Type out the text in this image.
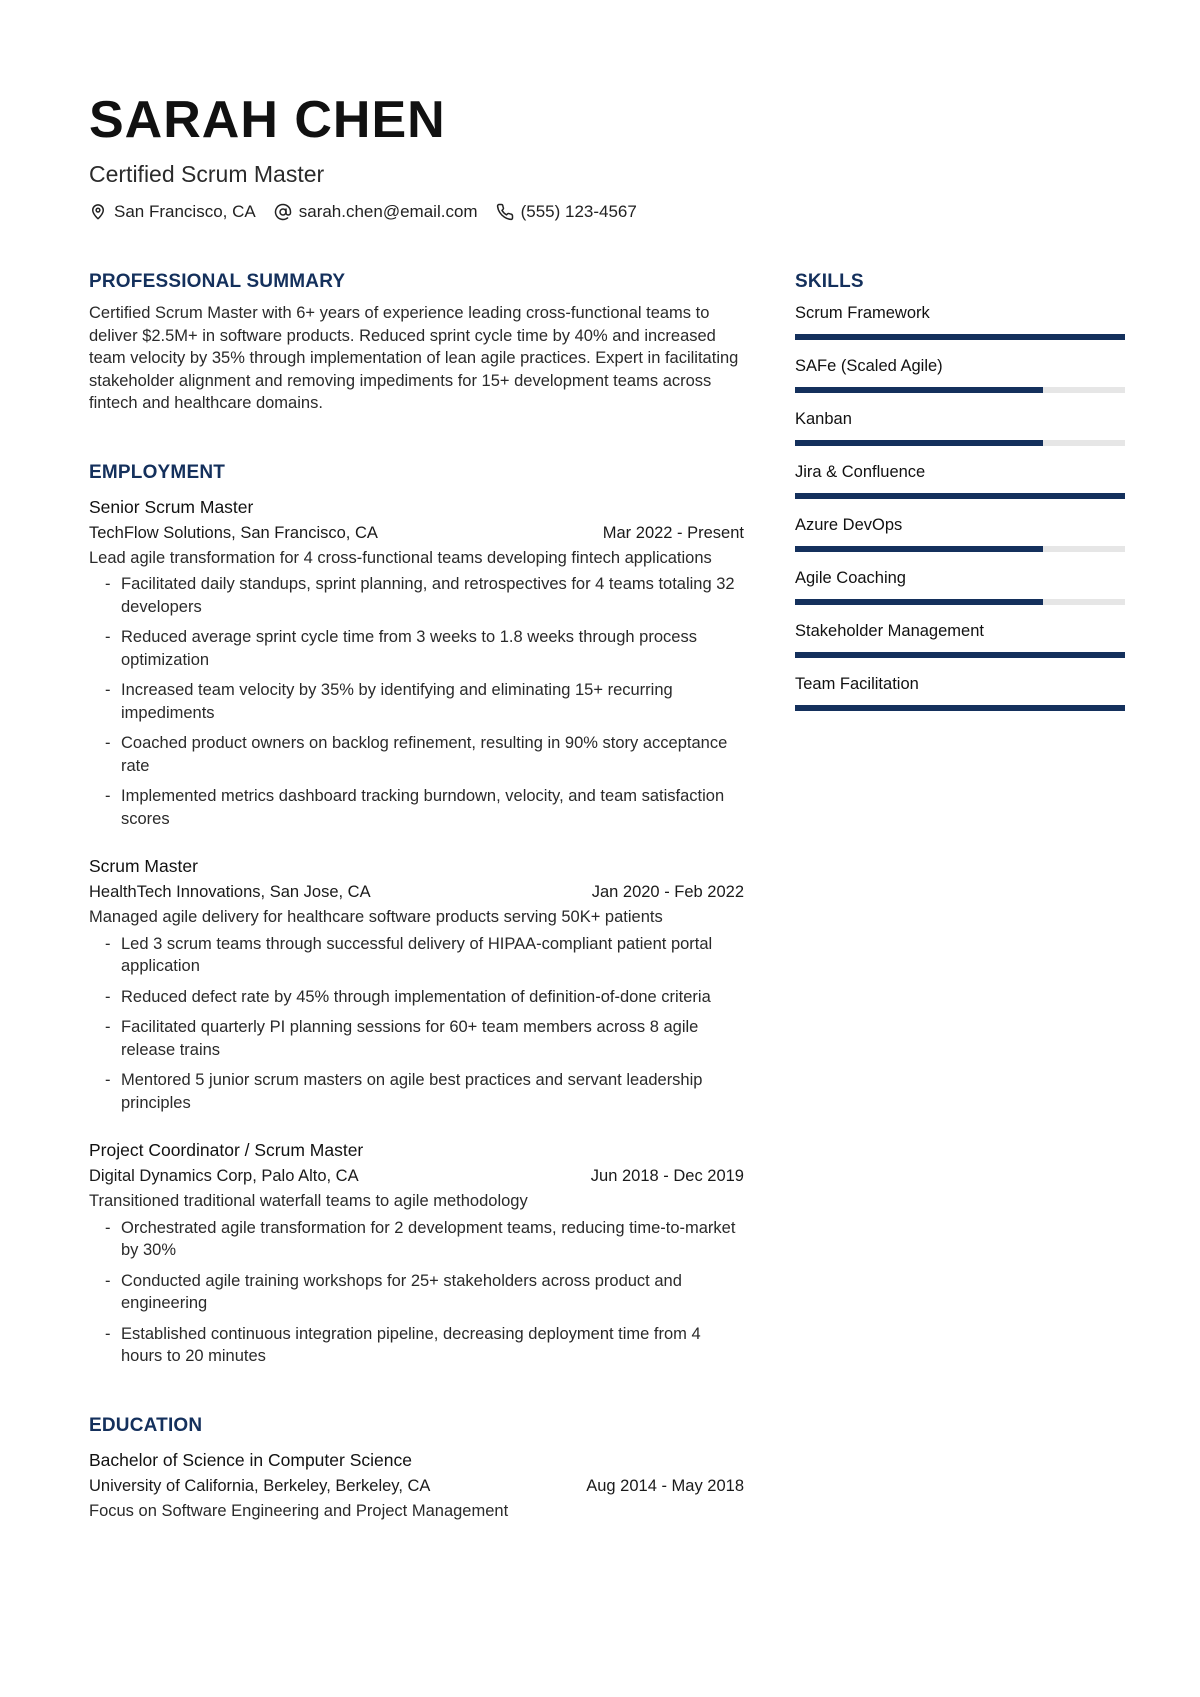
SARAH CHEN
Certified Scrum Master
San Francisco, CA	sarah.chen@email.com	(555) 123-4567
PROFESSIONAL SUMMARY
Certified Scrum Master with 6+ years of experience leading cross-functional teams to deliver $2.5M+ in software products. Reduced sprint cycle time by 40% and increased team velocity by 35% through implementation of lean agile practices. Expert in facilitating stakeholder alignment and removing impediments for 15+ development teams across fintech and healthcare domains.
EMPLOYMENT
Senior Scrum Master
TechFlow Solutions, San Francisco, CA	Mar 2022 - Present
Lead agile transformation for 4 cross-functional teams developing fintech applications
- Facilitated daily standups, sprint planning, and retrospectives for 4 teams totaling 32 developers
- Reduced average sprint cycle time from 3 weeks to 1.8 weeks through process optimization
- Increased team velocity by 35% by identifying and eliminating 15+ recurring impediments
- Coached product owners on backlog refinement, resulting in 90% story acceptance rate
- Implemented metrics dashboard tracking burndown, velocity, and team satisfaction scores
Scrum Master
HealthTech Innovations, San Jose, CA	Jan 2020 - Feb 2022
Managed agile delivery for healthcare software products serving 50K+ patients
- Led 3 scrum teams through successful delivery of HIPAA-compliant patient portal application
- Reduced defect rate by 45% through implementation of definition-of-done criteria
- Facilitated quarterly PI planning sessions for 60+ team members across 8 agile release trains
- Mentored 5 junior scrum masters on agile best practices and servant leadership principles
Project Coordinator / Scrum Master
Digital Dynamics Corp, Palo Alto, CA	Jun 2018 - Dec 2019
Transitioned traditional waterfall teams to agile methodology
- Orchestrated agile transformation for 2 development teams, reducing time-to-market by 30%
- Conducted agile training workshops for 25+ stakeholders across product and engineering
- Established continuous integration pipeline, decreasing deployment time from 4 hours to 20 minutes
EDUCATION
Bachelor of Science in Computer Science
University of California, Berkeley, Berkeley, CA	Aug 2014 - May 2018
Focus on Software Engineering and Project Management
SKILLS
Scrum Framework
SAFe (Scaled Agile)
Kanban
Jira & Confluence
Azure DevOps
Agile Coaching
Stakeholder Management
Team Facilitation
